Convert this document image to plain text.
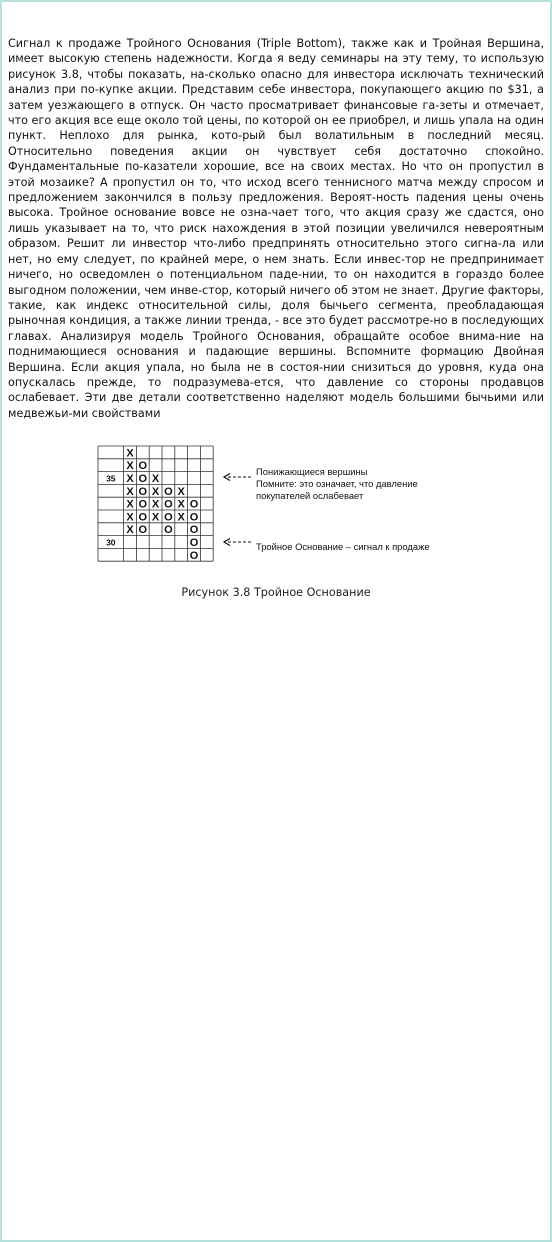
Сигнал к продаже Тройного Основания (Triple Bottom), также как и Тройная Вершина, имеет высокую степень надежности. Когда я веду семинары на эту тему, то использую рисунок 3.8, чтобы показать, на-сколько опасно для инвестора исключать технический анализ при по-купке акции. Представим себе инвестора, покупающего акцию по $31, а затем уезжающего в отпуск. Он часто просматривает финансовые га-зеты и отмечает, что его акция все еще около той цены, по которой он ее приобрел, и лишь упала на один пункт. Неплохо для рынка, кото-рый был волатильным в последний месяц. Относительно поведения акции он чувствует себя достаточно спокойно. Фундаментальные по-казатели хорошие, все на своих местах. Но что он пропустил в этой мозаике? А пропустил он то, что исход всего теннисного матча между спросом и предложением закончился в пользу предложения. Вероят-ность падения цены очень высока. Тройное основание вовсе не озна-чает того, что акция сразу же сдастся, оно лишь указывает на то, что риск нахождения в этой позиции увеличился невероятным образом. Решит ли инвестор что-либо предпринять относительно этого сигна-ла или нет, но ему следует, по крайней мере, о нем знать. Если инвес-тор не предпринимает ничего, но осведомлен о потенциальном паде-нии, то он находится в гораздо более выгодном положении, чем инве-стор, который ничего об этом не знает. Другие факторы, такие, как индекс относительной силы, доля бычьего сегмента, преобладающая рыночная кондиция, а также линии тренда, - все это будет рассмотре-но в последующих главах. Анализируя модель Тройного Основания, обращайте особое внима-ние на поднимающиеся основания и падающие вершины. Вспомните формацию Двойная Вершина. Если акция упала, но была не в состоя-нии снизиться до уровня, куда она опускалась прежде, то подразумева-ется, что давление со стороны продавцов ослабевает. Эти две детали соответственно наделяют модель большими бычьими или медвежьи-ми свойствами
X
X
X
X
X
X
X
O
O
O
O
O
O
X
X
X
X
O
O
O
O
X
X
X
O
O
O
O
O
35
30
Понижающиеся вершины
Помните: это означает, что давление
покупателей ослабевает
Тройное Основание – сигнал к продаже
Рисунок 3.8 Тройное Основание
